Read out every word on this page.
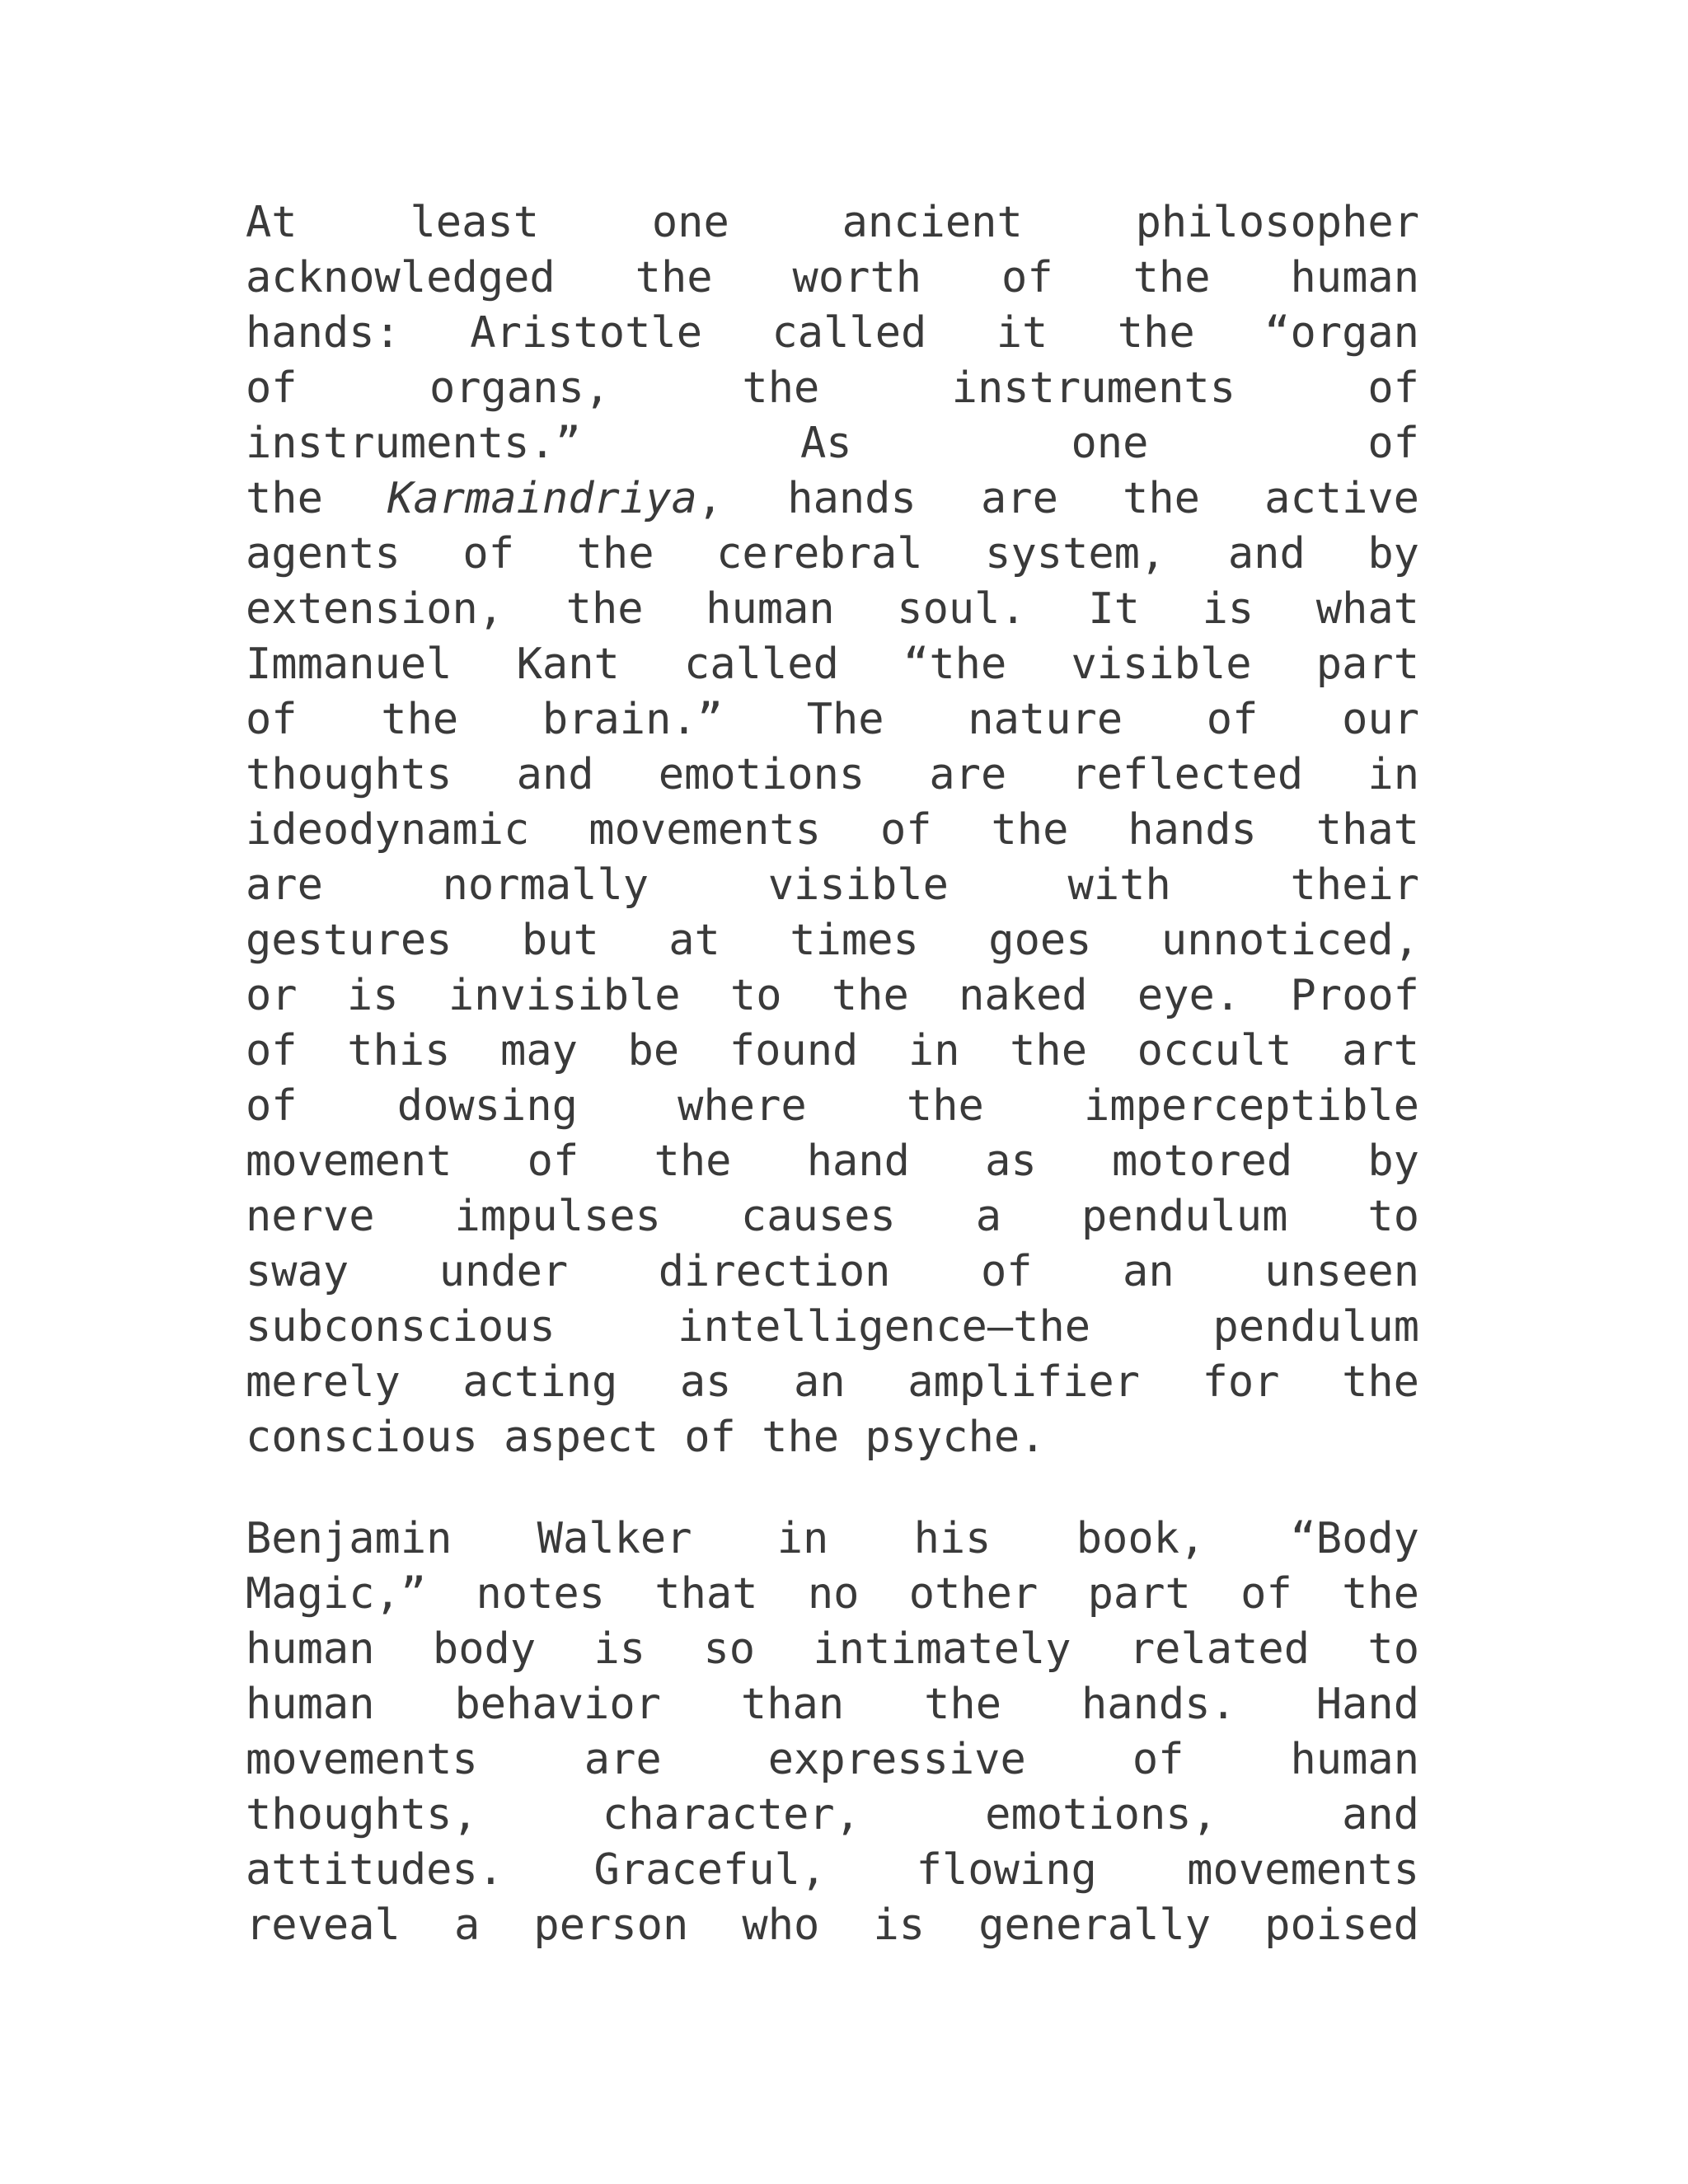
At least one ancient philosopher
acknowledged the worth of the human
hands: Aristotle called it the “organ
of organs, the instruments of
instruments.” As one of
the Karmaindriya, hands are the active
agents of the cerebral system, and by
extension, the human soul. It is what
Immanuel Kant called “the visible part
of the brain.” The nature of our
thoughts and emotions are reflected in
ideodynamic movements of the hands that
are normally visible with their
gestures but at times goes unnoticed,
or is invisible to the naked eye. Proof
of this may be found in the occult art
of dowsing where the imperceptible
movement of the hand as motored by
nerve impulses causes a pendulum to
sway under direction of an unseen
subconscious intelligence–the pendulum
merely acting as an amplifier for the
conscious aspect of the psyche.
Benjamin Walker in his book, “Body
Magic,” notes that no other part of the
human body is so intimately related to
human behavior than the hands. Hand
movements are expressive of human
thoughts, character, emotions, and
attitudes. Graceful, flowing movements
reveal a person who is generally poised
